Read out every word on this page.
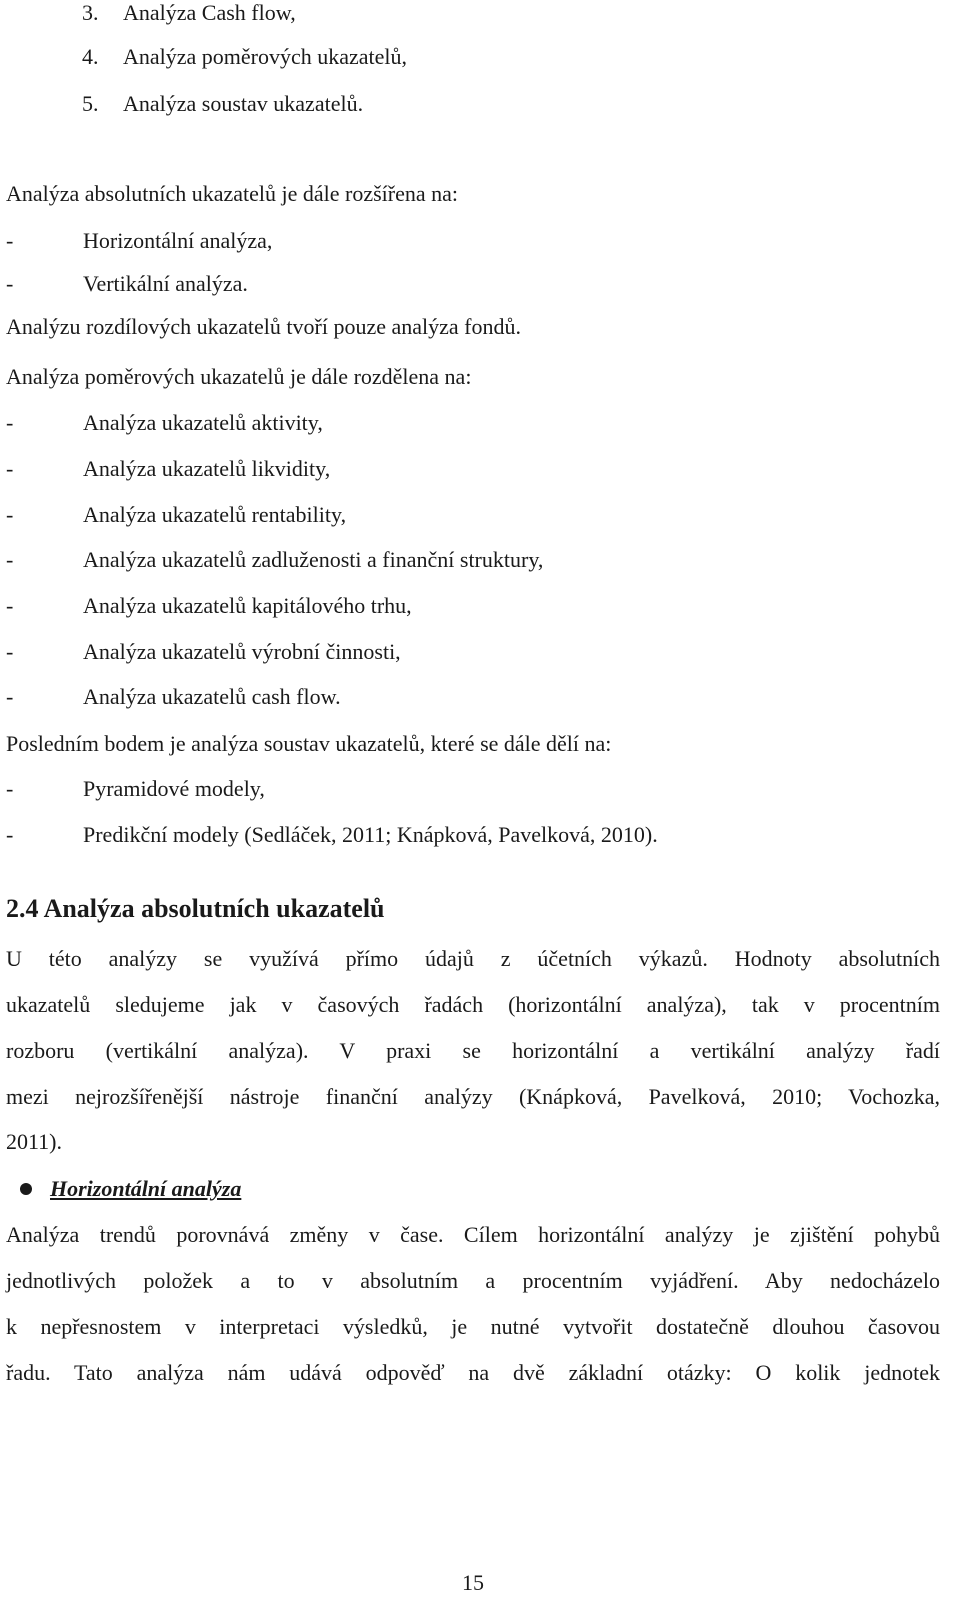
3. Analýza Cash flow,
4. Analýza poměrových ukazatelů,
5. Analýza soustav ukazatelů.
Analýza absolutních ukazatelů je dále rozšířena na:
-	Horizontální analýza,
-	Vertikální analýza.
Analýzu rozdílových ukazatelů tvoří pouze analýza fondů.
Analýza poměrových ukazatelů je dále rozdělena na:
-	Analýza ukazatelů aktivity,
-	Analýza ukazatelů likvidity,
-	Analýza ukazatelů rentability,
-	Analýza ukazatelů zadluženosti a finanční struktury,
-	Analýza ukazatelů kapitálového trhu,
-	Analýza ukazatelů výrobní činnosti,
-	Analýza ukazatelů cash flow.
Posledním bodem je analýza soustav ukazatelů, které se dále dělí na:
-	Pyramidové modely,
-	Predikční modely (Sedláček, 2011; Knápková, Pavelková, 2010).
2.4 Analýza absolutních ukazatelů
U této analýzy se využívá přímo údajů z účetních výkazů. Hodnoty absolutních
ukazatelů sledujeme jak v časových řadách (horizontální analýza), tak v procentním
rozboru (vertikální analýza). V praxi se horizontální a vertikální analýzy řadí
mezi nejrozšířenější nástroje finanční analýzy (Knápková, Pavelková, 2010; Vochozka,
2011).
Horizontální analýza
Analýza trendů porovnává změny v čase. Cílem horizontální analýzy je zjištění pohybů
jednotlivých položek a to v absolutním a procentním vyjádření. Aby nedocházelo
k nepřesnostem v interpretaci výsledků, je nutné vytvořit dostatečně dlouhou časovou
řadu. Tato analýza nám udává odpověď na dvě základní otázky: O kolik jednotek
15
